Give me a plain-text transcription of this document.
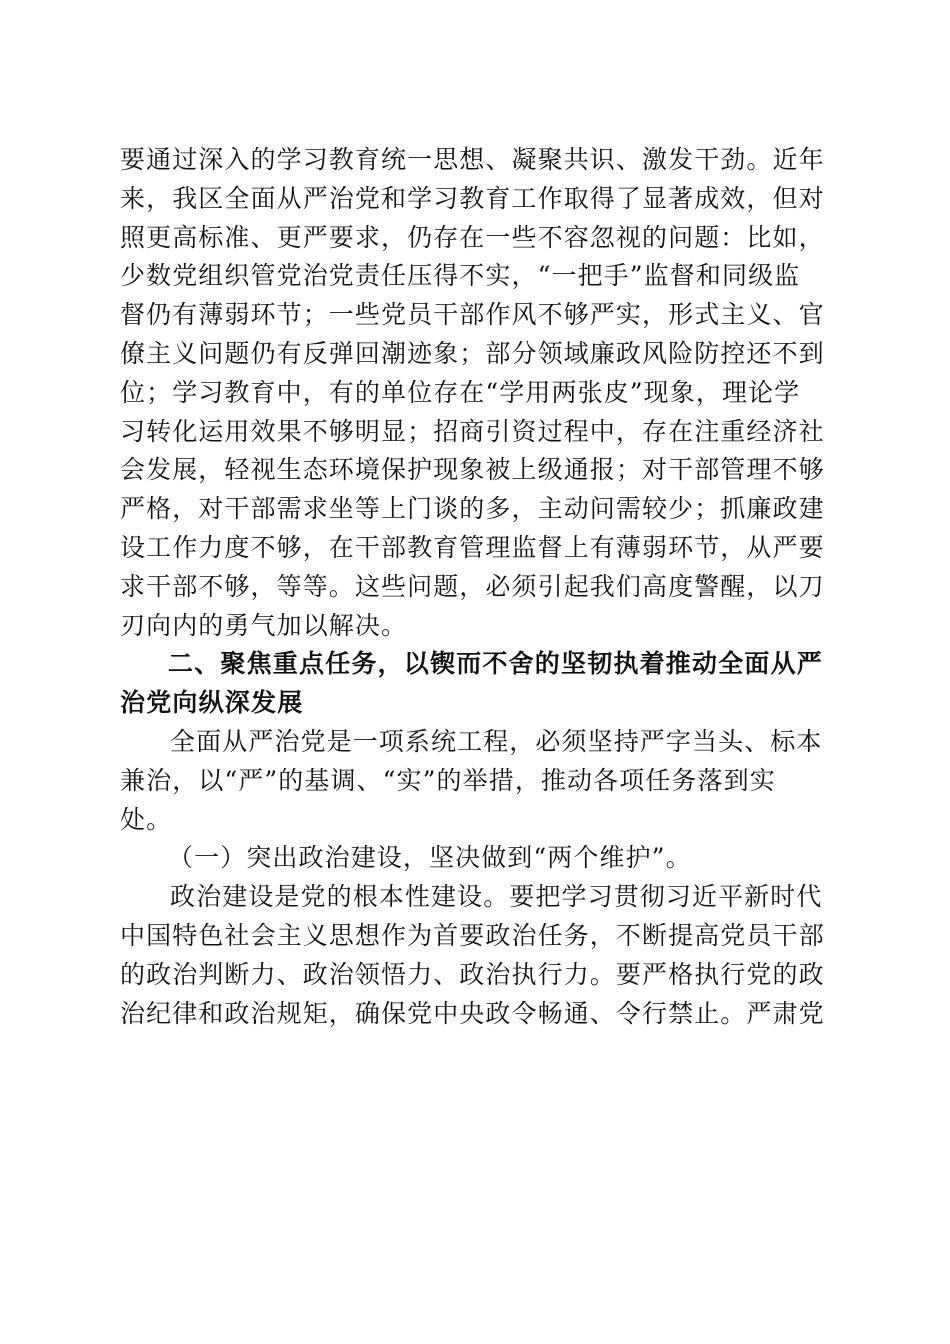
要通过深入的学习教育统一思想、凝聚共识、激发干劲。近年
来，我区全面从严治党和学习教育工作取得了显著成效，但对
照更高标准、更严要求，仍存在一些不容忽视的问题：比如，
少数党组织管党治党责任压得不实，“一把手”监督和同级监
督仍有薄弱环节；一些党员干部作风不够严实，形式主义、官
僚主义问题仍有反弹回潮迹象；部分领域廉政风险防控还不到
位；学习教育中，有的单位存在“学用两张皮”现象，理论学
习转化运用效果不够明显；招商引资过程中，存在注重经济社
会发展，轻视生态环境保护现象被上级通报；对干部管理不够
严格，对干部需求坐等上门谈的多，主动问需较少；抓廉政建
设工作力度不够，在干部教育管理监督上有薄弱环节，从严要
求干部不够，等等。这些问题，必须引起我们高度警醒，以刀
刃向内的勇气加以解决。

二、聚焦重点任务，以锲而不舍的坚韧执着推动全面从严
治党向纵深发展

全面从严治党是一项系统工程，必须坚持严字当头、标本
兼治，以“严”的基调、“实”的举措，推动各项任务落到实
处。

（一）突出政治建设，坚决做到“两个维护”。

政治建设是党的根本性建设。要把学习贯彻习近平新时代
中国特色社会主义思想作为首要政治任务，不断提高党员干部
的政治判断力、政治领悟力、政治执行力。要严格执行党的政
治纪律和政治规矩，确保党中央政令畅通、令行禁止。严肃党
